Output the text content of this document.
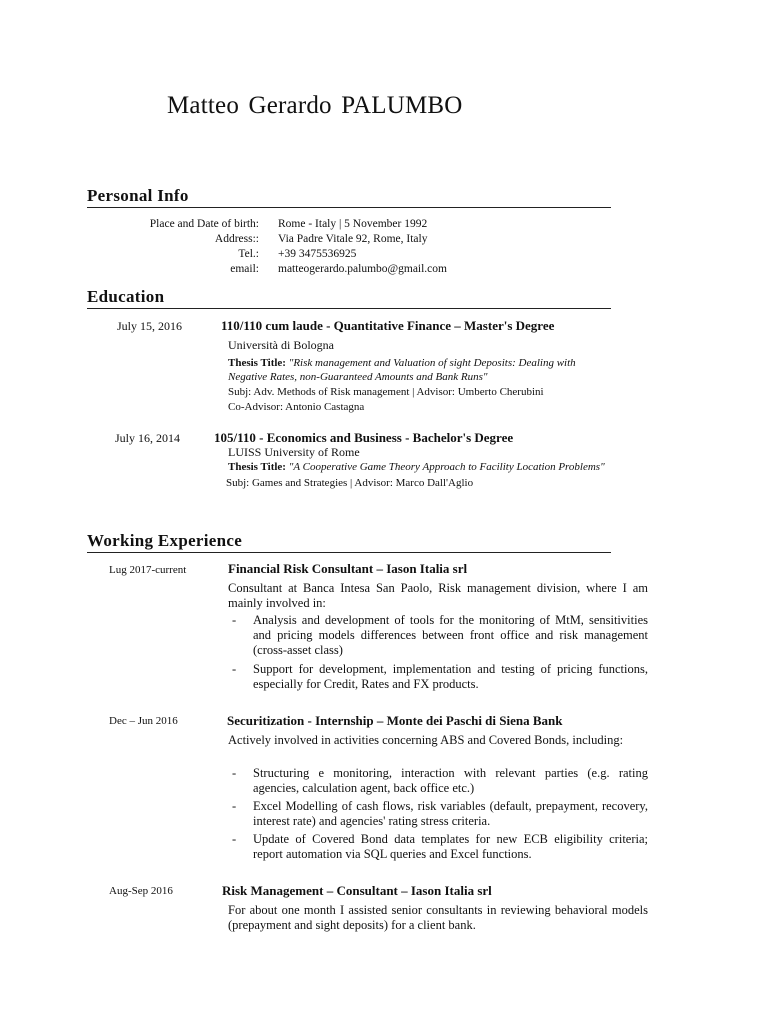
Matteo Gerardo PALUMBO
Personal Info
Place and Date of birth: Rome - Italy | 5 November 1992
Address:: Via Padre Vitale 92, Rome, Italy
Tel.: +39 3475536925
email: matteogerardo.palumbo@gmail.com
Education
July 15, 2016	110/110 cum laude - Quantitative Finance – Master's Degree
Università di Bologna
Thesis Title: "Risk management and Valuation of sight Deposits: Dealing with
Negative Rates, non-Guaranteed Amounts and Bank Runs"
Subj: Adv. Methods of Risk management | Advisor: Umberto Cherubini
Co-Advisor: Antonio Castagna
July 16, 2014	105/110 - Economics and Business - Bachelor's Degree
LUISS University of Rome
Thesis Title: "A Cooperative Game Theory Approach to Facility Location Problems"
Subj: Games and Strategies | Advisor: Marco Dall'Aglio
Working Experience
Lug 2017-current	Financial Risk Consultant – Iason Italia srl
Consultant at Banca Intesa San Paolo, Risk management division, where I am mainly involved in:
- Analysis and development of tools for the monitoring of MtM, sensitivities and pricing models differences between front office and risk management (cross-asset class)
- Support for development, implementation and testing of pricing functions, especially for Credit, Rates and FX products.
Dec – Jun 2016	Securitization - Internship – Monte dei Paschi di Siena Bank
Actively involved in activities concerning ABS and Covered Bonds, including:
- Structuring e monitoring, interaction with relevant parties (e.g. rating agencies, calculation agent, back office etc.)
- Excel Modelling of cash flows, risk variables (default, prepayment, recovery, interest rate) and agencies' rating stress criteria.
- Update of Covered Bond data templates for new ECB eligibility criteria; report automation via SQL queries and Excel functions.
Aug-Sep 2016	Risk Management – Consultant – Iason Italia srl
For about one month I assisted senior consultants in reviewing behavioral models (prepayment and sight deposits) for a client bank.
